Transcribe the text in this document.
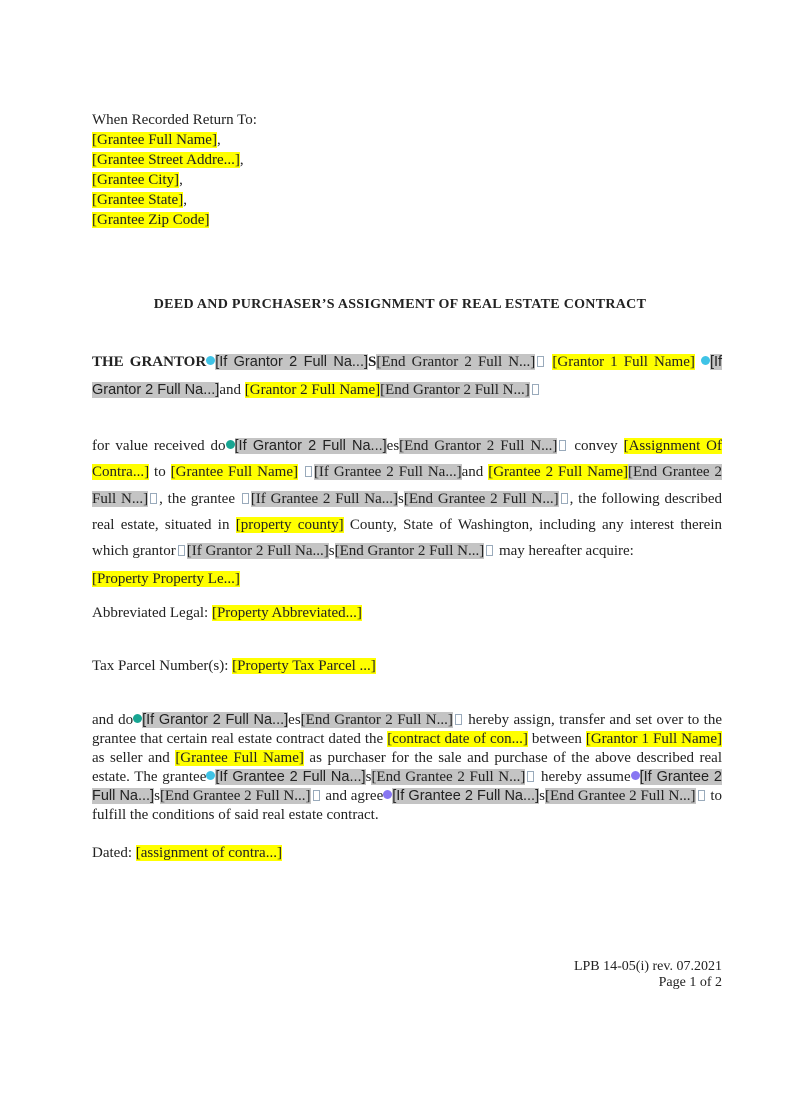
When Recorded Return To:
[Grantee Full Name],
[Grantee Street Addre...],
[Grantee City],
[Grantee State],
[Grantee Zip Code]
DEED AND PURCHASER’S ASSIGNMENT OF REAL ESTATE CONTRACT
THE GRANTOR [If Grantor 2 Full Na...]S[End Grantor 2 Full N...] [Grantor 1 Full Name] [If Grantor 2 Full Na...]and [Grantor 2 Full Name][End Grantor 2 Full N...]
for value received do [If Grantor 2 Full Na...]es[End Grantor 2 Full N...] convey [Assignment Of Contra...] to [Grantee Full Name] [If Grantee 2 Full Na...]and [Grantee 2 Full Name][End Grantee 2 Full N...] , the grantee [If Grantee 2 Full Na...]s[End Grantee 2 Full N...] , the following described real estate, situated in [property county] County, State of Washington, including any interest therein which grantor [If Grantor 2 Full Na...]s[End Grantor 2 Full N...] may hereafter acquire:
[Property Property Le...]
Abbreviated Legal: [Property Abbreviated...]
Tax Parcel Number(s): [Property Tax Parcel ...]
and do [If Grantor 2 Full Na...]es[End Grantor 2 Full N...] hereby assign, transfer and set over to the grantee that certain real estate contract dated the [contract date of con...] between [Grantor 1 Full Name] as seller and [Grantee Full Name] as purchaser for the sale and purchase of the above described real estate. The grantee [If Grantee 2 Full Na...]s[End Grantee 2 Full N...] hereby assume [If Grantee 2 Full Na...]s[End Grantee 2 Full N...] and agree [If Grantee 2 Full Na...]s[End Grantee 2 Full N...] to fulfill the conditions of said real estate contract.
Dated: [assignment of contra...]
LPB 14-05(i) rev. 07.2021
Page 1 of 2
